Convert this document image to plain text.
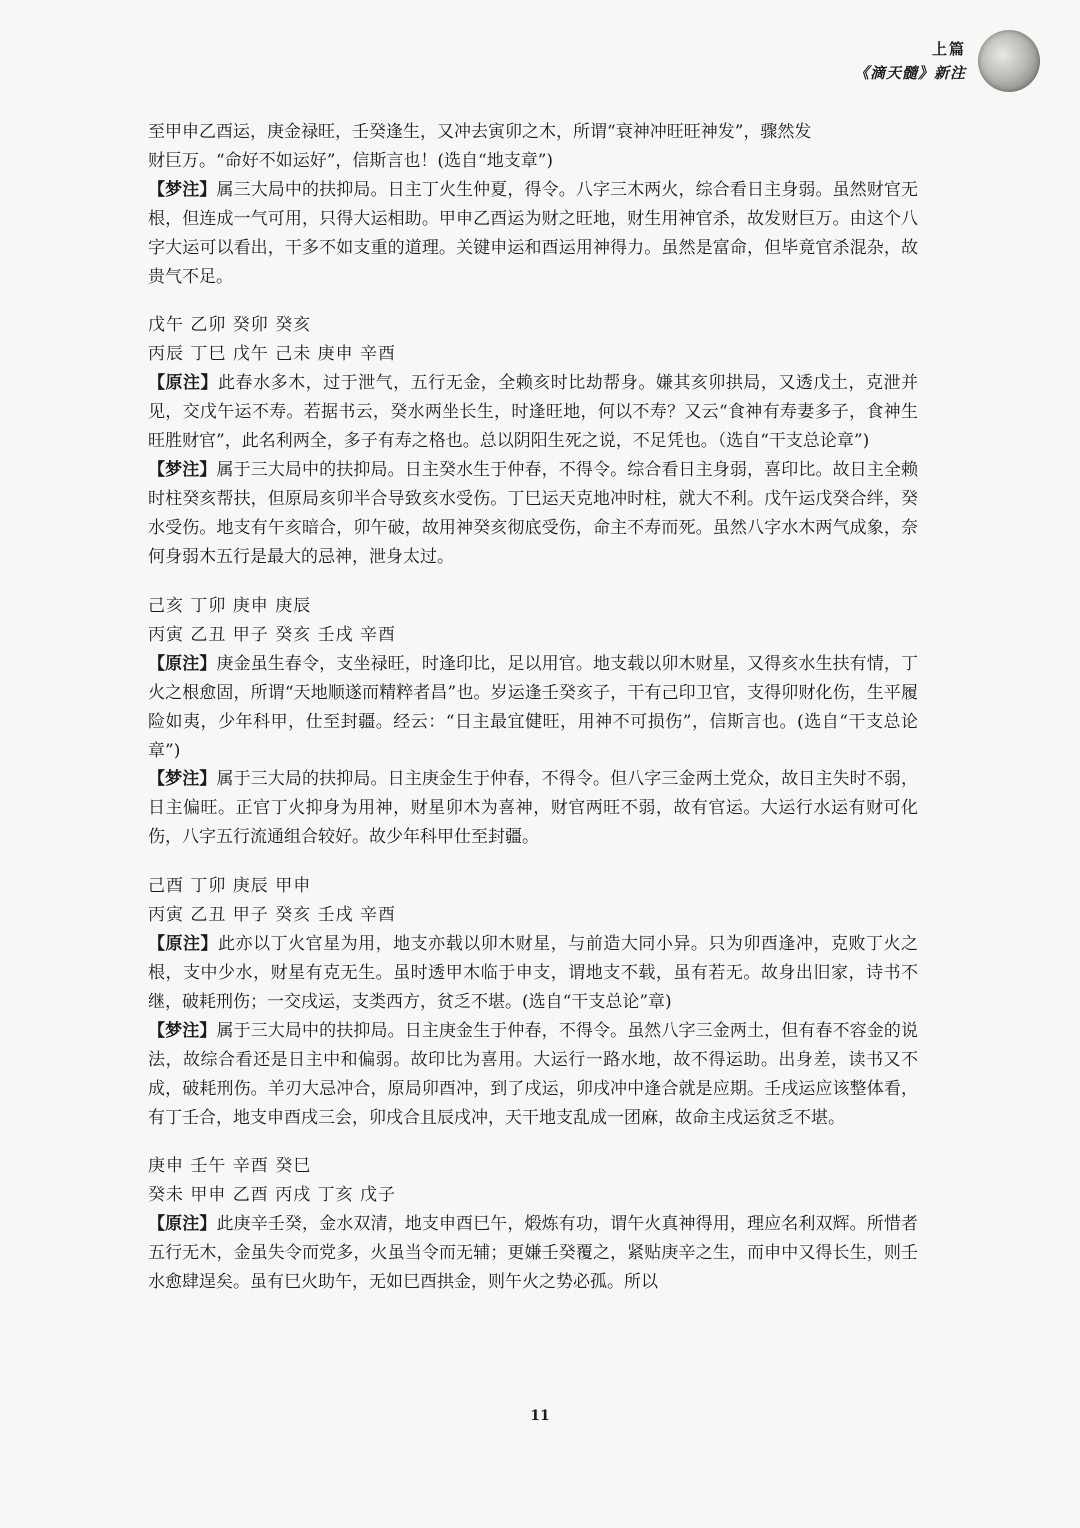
上篇
《滴天髓》新注
至甲申乙酉运，庚金禄旺，壬癸逢生，又冲去寅卯之木，所谓“衰神冲旺旺神发”，骤然发
财巨万。“命好不如运好”，信斯言也！(选自“地支章”)
【梦注】属三大局中的扶抑局。日主丁火生仲夏，得令。八字三木两火，综合看日主身弱。虽然财官无根，但连成一气可用，只得大运相助。甲申乙酉运为财之旺地，财生用神官杀，故发财巨万。由这个八字大运可以看出，干多不如支重的道理。关键申运和酉运用神得力。虽然是富命，但毕竟官杀混杂，故贵气不足。
戊午 乙卯 癸卯 癸亥
丙辰 丁巳 戊午 己未 庚申 辛酉
【原注】此春水多木，过于泄气，五行无金，全赖亥时比劫帮身。嫌其亥卯拱局，又透戊土，克泄并见，交戊午运不寿。若据书云，癸水两坐长生，时逢旺地，何以不寿？又云“食神有寿妻多子，食神生旺胜财官”，此名利两全，多子有寿之格也。总以阴阳生死之说，不足凭也。（选自“干支总论章”)
【梦注】属于三大局中的扶抑局。日主癸水生于仲春，不得令。综合看日主身弱，喜印比。故日主全赖时柱癸亥帮扶，但原局亥卯半合导致亥水受伤。丁巳运天克地冲时柱，就大不利。戊午运戊癸合绊，癸水受伤。地支有午亥暗合，卯午破，故用神癸亥彻底受伤，命主不寿而死。虽然八字水木两气成象，奈何身弱木五行是最大的忌神，泄身太过。
己亥 丁卯 庚申 庚辰
丙寅 乙丑 甲子 癸亥 壬戌 辛酉
【原注】庚金虽生春令，支坐禄旺，时逢印比，足以用官。地支载以卯木财星，又得亥水生扶有情，丁火之根愈固，所谓“天地顺遂而精粹者昌”也。岁运逢壬癸亥子，干有己印卫官，支得卯财化伤，生平履险如夷，少年科甲，仕至封疆。经云：“日主最宜健旺，用神不可损伤”，信斯言也。(选自“干支总论章”)
【梦注】属于三大局的扶抑局。日主庚金生于仲春，不得令。但八字三金两土党众，故日主失时不弱，日主偏旺。正官丁火抑身为用神，财星卯木为喜神，财官两旺不弱，故有官运。大运行水运有财可化伤，八字五行流通组合较好。故少年科甲仕至封疆。
己酉 丁卯 庚辰 甲申
丙寅 乙丑 甲子 癸亥 壬戌 辛酉
【原注】此亦以丁火官星为用，地支亦载以卯木财星，与前造大同小异。只为卯酉逢冲，克败丁火之根，支中少水，财星有克无生。虽时透甲木临于申支，谓地支不载，虽有若无。故身出旧家，诗书不继，破耗刑伤；一交戌运，支类西方，贫乏不堪。(选自“干支总论”章)
【梦注】属于三大局中的扶抑局。日主庚金生于仲春，不得令。虽然八字三金两土，但有春不容金的说法，故综合看还是日主中和偏弱。故印比为喜用。大运行一路水地，故不得运助。出身差，读书又不成，破耗刑伤。羊刃大忌冲合，原局卯酉冲，到了戌运，卯戌冲中逢合就是应期。壬戌运应该整体看，有丁壬合，地支申酉戌三会，卯戌合且辰戌冲，天干地支乱成一团麻，故命主戌运贫乏不堪。
庚申 壬午 辛酉 癸巳
癸未 甲申 乙酉 丙戌 丁亥 戊子
【原注】此庚辛壬癸，金水双清，地支申酉巳午，煅炼有功，谓午火真神得用，理应名利双辉。所惜者五行无木，金虽失令而党多，火虽当令而无辅；更嫌壬癸覆之，紧贴庚辛之生，而申中又得长生，则壬水愈肆逞矣。虽有巳火助午，无如巳酉拱金，则午火之势必孤。所以
11
